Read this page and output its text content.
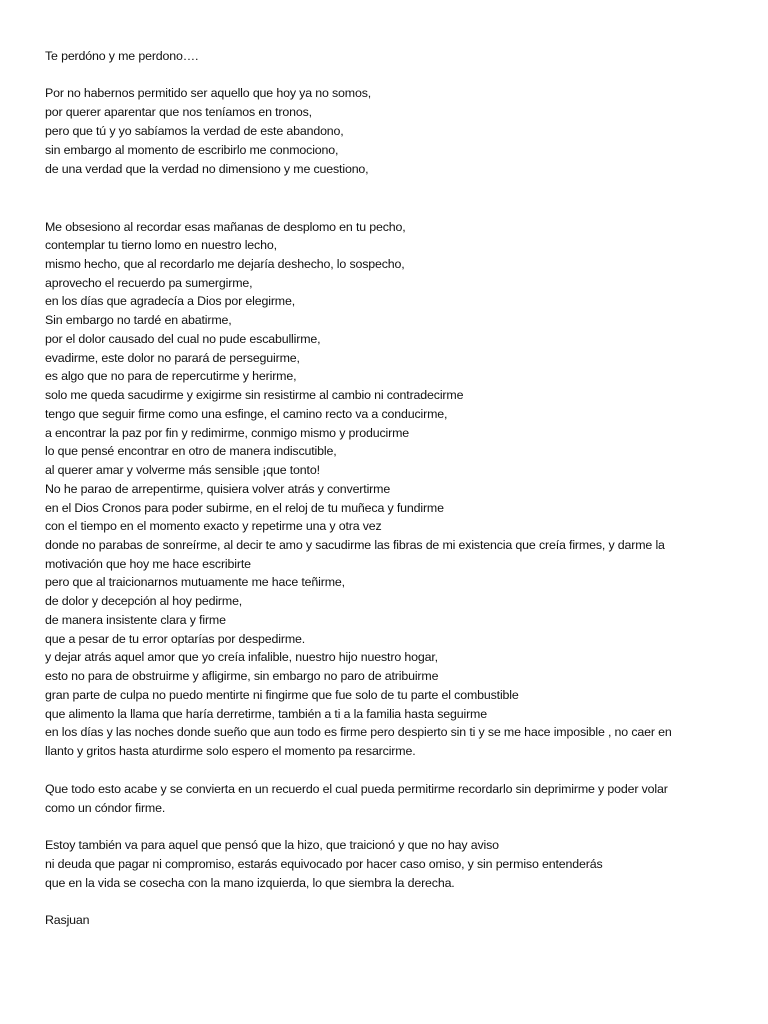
Te perdóno y me perdono….
Por no habernos permitido ser aquello que hoy ya no somos,
por querer aparentar que nos teníamos en tronos,
pero que tú y yo sabíamos la verdad de este abandono,
sin embargo al momento de escribirlo me conmociono,
de una verdad que la verdad no dimensiono y me cuestiono,
Me obsesiono al recordar esas mañanas de desplomo en tu pecho,
contemplar tu tierno lomo en nuestro lecho,
mismo hecho, que al recordarlo me dejaría deshecho, lo sospecho,
aprovecho el recuerdo pa sumergirme,
en los días que agradecía a Dios por elegirme,
Sin embargo no tardé en abatirme,
por el dolor causado del cual no pude escabullirme,
evadirme, este dolor no parará de perseguirme,
es algo que no para de repercutirme y herirme,
solo me queda sacudirme y exigirme sin resistirme al cambio ni contradecirme
tengo que seguir firme como una esfinge, el camino recto va a conducirme,
a encontrar la paz por fin y redimirme, conmigo mismo y producirme
lo que pensé encontrar en otro de manera indiscutible,
al querer amar y volverme más sensible ¡que tonto!
No he parao de arrepentirme, quisiera volver atrás y convertirme
en el Dios Cronos para poder subirme, en el reloj de tu muñeca y fundirme
con el tiempo en el momento exacto y repetirme una y otra vez
donde no parabas de sonreírme, al decir te amo y sacudirme las fibras de mi existencia que creía firmes, y darme la
motivación que hoy me hace escribirte
pero que al traicionarnos mutuamente me hace teñirme,
de dolor y decepción al hoy pedirme,
de manera insistente clara y firme
que a pesar de tu error optarías por despedirme.
y dejar atrás aquel amor que yo creía infalible, nuestro hijo nuestro hogar,
esto no para de obstruirme y afligirme, sin embargo no paro de atribuirme
gran parte de culpa no puedo mentirte ni fingirme que fue solo de tu parte el combustible
que alimento la llama que haría derretirme, también a ti a la familia hasta seguirme
en los días y las noches donde sueño que aun todo es firme pero despierto sin ti y se me hace imposible , no caer en
llanto y gritos hasta aturdirme solo espero el momento pa resarcirme.
Que todo esto acabe y se convierta en un recuerdo el cual pueda permitirme recordarlo sin deprimirme y poder volar
como un cóndor firme.
Estoy también va para aquel que pensó que la hizo, que traicionó y que no hay aviso
ni deuda que pagar ni compromiso, estarás equivocado por hacer caso omiso, y sin permiso entenderás
que en la vida se cosecha con la mano izquierda, lo que siembra la derecha.
Rasjuan
